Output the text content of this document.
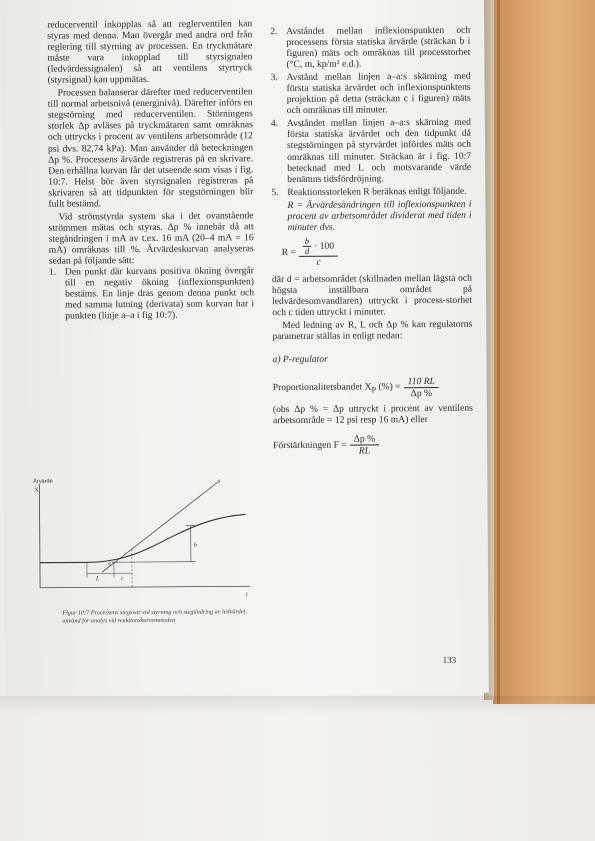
reducerventil inkopplas så att reglerventilen kan styras med denna. Man övergår med andra ord från reglering till styrning av processen. En tryckmätare måste vara inkopplad till styrsignalen (ledvärdessignalen) så att ventilens styrtryck (styrsignal) kan uppmätas.

Processen balanserar därefter med reducerventilen till normal arbetsnivå (energinivå). Därefter införs en stegstörning med reducerventilen. Störningens storlek Δp avläses på tryckmätaren samt omräknas och uttrycks i procent av ventilens arbetsområde (12 psi dvs. 82,74 kPa). Man använder då beteckningen Δp %. Processens ärvärde registreras på en skrivare. Den erhållna kurvan får det utseende som visas i fig. 10:7. Helst bör även styrsignalen registreras på skrivaren så att tidpunkten för stegstörningen blir fullt bestämd.

Vid strömstyrda system ska i det ovanstående strömmen mätas och styras. Δp % innebär då att stegändringen i mA av t.ex. 16 mA (20–4 mA = 16 mA) omräknas till %. Ärvärdeskurvan analyseras sedan på följande sätt:

1. Den punkt där kurvans positiva ökning övergår till en negativ ökning (inflexionspunkten) bestäms. En linje dras genom denna punkt och med samma lutning (derivata) som kurvan har i punkten (linje a–a i fig 10:7).
2. Avståndet mellan inflexionspunkten och processens första statiska ärvärde (sträckan b i figuren) mäts och omräknas till processtorhet (°C, m, kp/m² e.d.).
3. Avstånd mellan linjen a–a:s skärning med första statiska ärvärdet och inflexionspunktens projektion på detta (sträckan c i figuren) mäts och omräknas till minuter.
4. Avståndet mellan linjen a–a:s skärning med första statiska ärvärdet och den tidpunkt då stegstörningen på styrvärdet infördes mäts och omräknas till minuter. Sträckan är i fig. 10:7 betecknad med L och motsvarande värde benämns tidsfördröjning.
5. Reaktionsstorleken R beräknas enligt följande.

R = Ärvärdesändringen till inflexionspunkten i procent av arbetsområdet dividerat med tiden i minuter dvs.

$R = \frac{\frac{b}{d} \cdot 100}{c}$

där d = arbetsområdet (skillnaden mellan lägsta och högsta inställbara området på ledvärdesomvandlaren) uttryckt i process-storhet och c tiden uttryckt i minuter.

Med ledning av R, L och Δp % kan regulatorns parametrar ställas in enligt nedan:

a) P-regulator

Proportionalitetsbandet $X_P$ (%) = $\frac{110 RL}{\Delta p \%}$

(obs Δp % = Δp uttryckt i procent av ventilens arbetsområde = 12 psi resp 16 mA) eller

Förstärkningen $F = \frac{\Delta p \%}{RL}$
Ärvärde
X
a
a
b
L	c
t
Figur 10:7 Processens stegsvar vid styrning och stegändring av ledvärdet, använd för analys vid reaktionskurvemetoden
133
